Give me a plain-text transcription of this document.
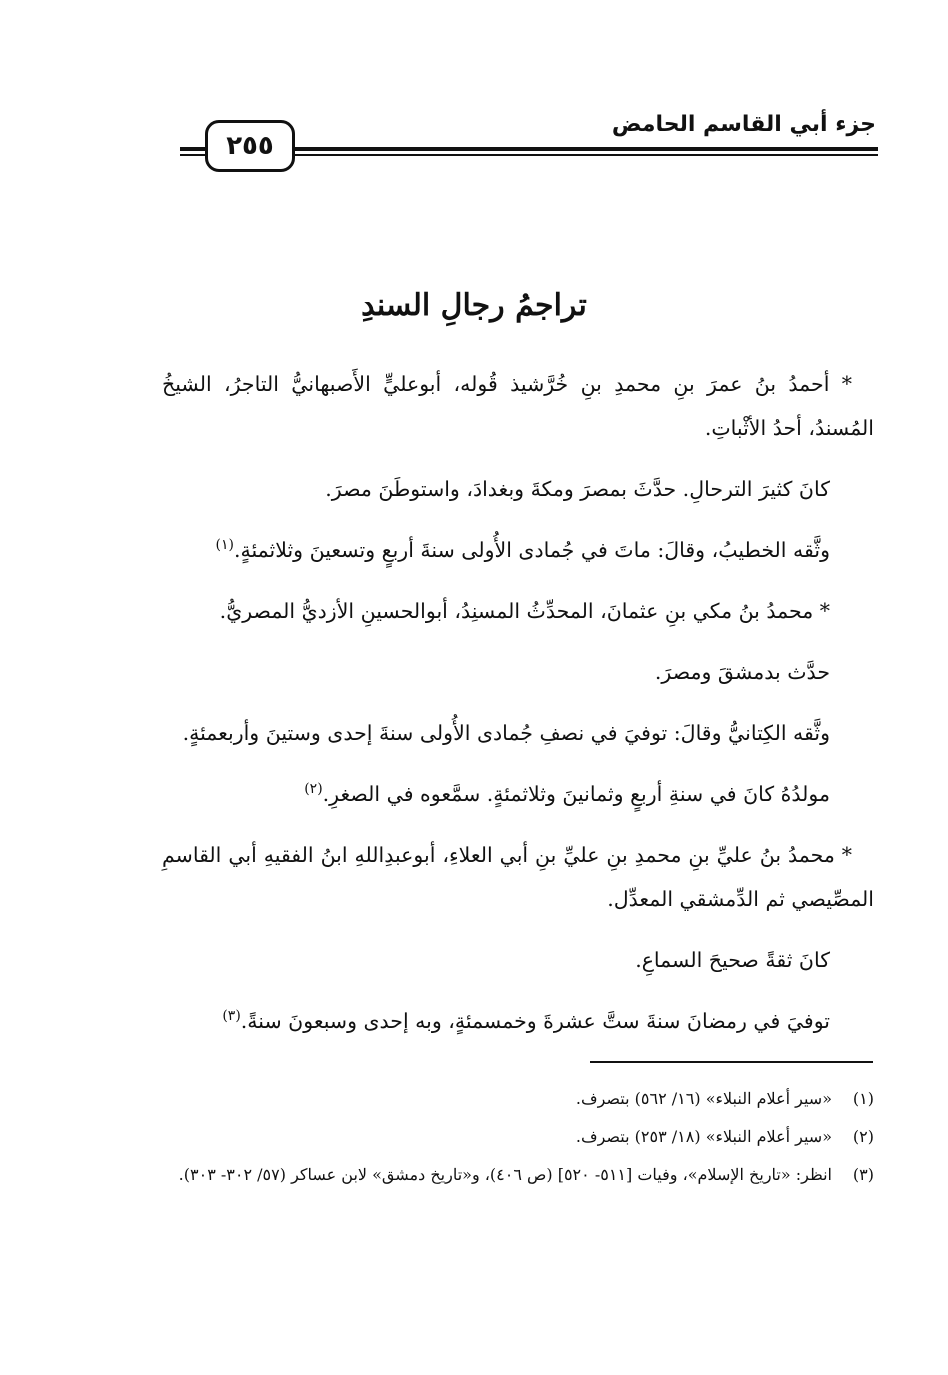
جزء أبي القاسم الحامض
٢٥٥
تراجمُ رجالِ السندِ

* أحمدُ بنُ عمرَ بنِ محمدِ بنِ خُرَّشيذ قُوله، أبوعليٍّ الأَصبهانيُّ التاجرُ، الشيخُ المُسندُ، أحدُ الأثْباتِ.

كانَ كثيرَ الترحالِ. حدَّثَ بمصرَ ومكةَ وبغدادَ، واستوطَنَ مصرَ.

وثَّقه الخطيبُ، وقالَ: ماتَ في جُمادى الأُولى سنةَ أربعٍ وتسعينَ وثلاثمئةٍ.$^{(١)}$

* محمدُ بنُ مكي بنِ عثمانَ، المحدِّثُ المسنِدُ، أبوالحسينِ الأزديُّ المصريُّ.

حدَّث بدمشقَ ومصرَ.

وثَّقه الكِتانيُّ وقالَ: توفيَ في نصفِ جُمادى الأُولى سنةَ إحدى وستينَ وأربعمئةٍ.

مولدُهُ كانَ في سنةِ أربعٍ وثمانينَ وثلاثمئةٍ. سمَّعوه في الصغرِ.$^{(٢)}$

* محمدُ بنُ عليِّ بنِ محمدِ بنِ عليِّ بنِ أبي العلاءِ، أبوعبدِاللهِ ابنُ الفقيهِ أبي القاسمِ المصِّيصي ثم الدِّمشقي المعدِّل.

كانَ ثقةً صحيحَ السماعِ.

توفيَ في رمضانَ سنةَ ستَّ عشرةَ وخمسمئةٍ، وبه إحدى وسبعونَ سنةً.$^{(٣)}$

(١)
«سير أعلام النبلاء» (١٦/ ٥٦٢) بتصرف.
(٢)
«سير أعلام النبلاء» (١٨/ ٢٥٣) بتصرف.
(٣)
انظر: «تاريخ الإسلام»، وفيات [٥١١- ٥٢٠] (ص ٤٠٦)، و«تاريخ دمشق» لابن عساكر (٥٧/ ٣٠٢- ٣٠٣).
